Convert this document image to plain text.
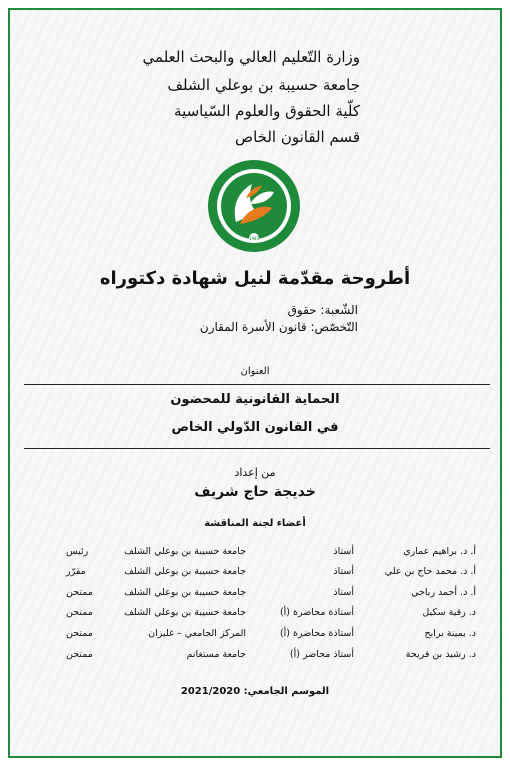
وزارة التّعليم العالي والبحث العلمي
جامعة حسيبة بن بوعلي الشلف
كلّية الحقوق والعلوم السّياسية
قسم القانون الخاص
1983
أطروحة مقدّمة لنيل شهادة دكتوراه
الشّعبة: حقوق
التّخصّص: قانون الأسرة المقارن
العنوان
الحماية القانونية للمحضون
في القانون الدّولي الخاص
من إعداد
خديجة حاج شريف
أعضاء لجنة المناقشة
أ. د. براهيم عماري
أستاذ
جامعة حسيبة بن بوعلي الشلف
رئيس
أ. د. محمد حاج بن علي
أستاذ
جامعة حسيبة بن بوعلي الشلف
مقرّر
أ. د. أحمد رباحي
أستاذ
جامعة حسيبة بن بوعلي الشلف
ممتحن
د. رقية سكيل
أستاذة محاضرة (أ)
جامعة حسيبة بن بوعلي الشلف
ممتحن
د. يمينة برابح
أستاذة محاضرة (أ)
المركز الجامعي – غليزان
ممتحن
د. رشيد بن فريحة
أستاذ محاضر (أ)
جامعة مستغانم
ممتحن
الموسم الجامعي: 2021/2020
